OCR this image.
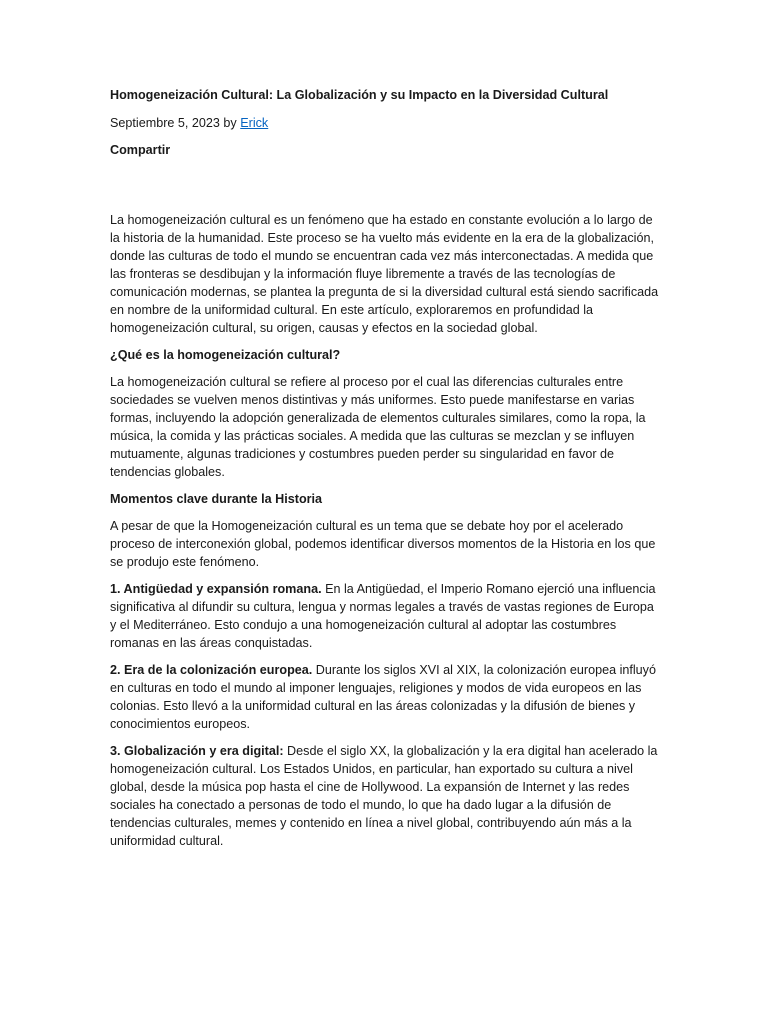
Homogeneización Cultural: La Globalización y su Impacto en la Diversidad Cultural
Septiembre 5, 2023 by Erick
Compartir

La homogeneización cultural es un fenómeno que ha estado en constante evolución a lo largo de la historia de la humanidad. Este proceso se ha vuelto más evidente en la era de la globalización, donde las culturas de todo el mundo se encuentran cada vez más interconectadas. A medida que las fronteras se desdibujan y la información fluye libremente a través de las tecnologías de comunicación modernas, se plantea la pregunta de si la diversidad cultural está siendo sacrificada en nombre de la uniformidad cultural. En este artículo, exploraremos en profundidad la homogeneización cultural, su origen, causas y efectos en la sociedad global.

¿Qué es la homogeneización cultural?

La homogeneización cultural se refiere al proceso por el cual las diferencias culturales entre sociedades se vuelven menos distintivas y más uniformes. Esto puede manifestarse en varias formas, incluyendo la adopción generalizada de elementos culturales similares, como la ropa, la música, la comida y las prácticas sociales. A medida que las culturas se mezclan y se influyen mutuamente, algunas tradiciones y costumbres pueden perder su singularidad en favor de tendencias globales.

Momentos clave durante la Historia

A pesar de que la Homogeneización cultural es un tema que se debate hoy por el acelerado proceso de interconexión global, podemos identificar diversos momentos de la Historia en los que se produjo este fenómeno.

1. Antigüedad y expansión romana. En la Antigüedad, el Imperio Romano ejerció una influencia significativa al difundir su cultura, lengua y normas legales a través de vastas regiones de Europa y el Mediterráneo. Esto condujo a una homogeneización cultural al adoptar las costumbres romanas en las áreas conquistadas.

2. Era de la colonización europea. Durante los siglos XVI al XIX, la colonización europea influyó en culturas en todo el mundo al imponer lenguajes, religiones y modos de vida europeos en las colonias. Esto llevó a la uniformidad cultural en las áreas colonizadas y la difusión de bienes y conocimientos europeos.

3. Globalización y era digital: Desde el siglo XX, la globalización y la era digital han acelerado la homogeneización cultural. Los Estados Unidos, en particular, han exportado su cultura a nivel global, desde la música pop hasta el cine de Hollywood. La expansión de Internet y las redes sociales ha conectado a personas de todo el mundo, lo que ha dado lugar a la difusión de tendencias culturales, memes y contenido en línea a nivel global, contribuyendo aún más a la uniformidad cultural.
